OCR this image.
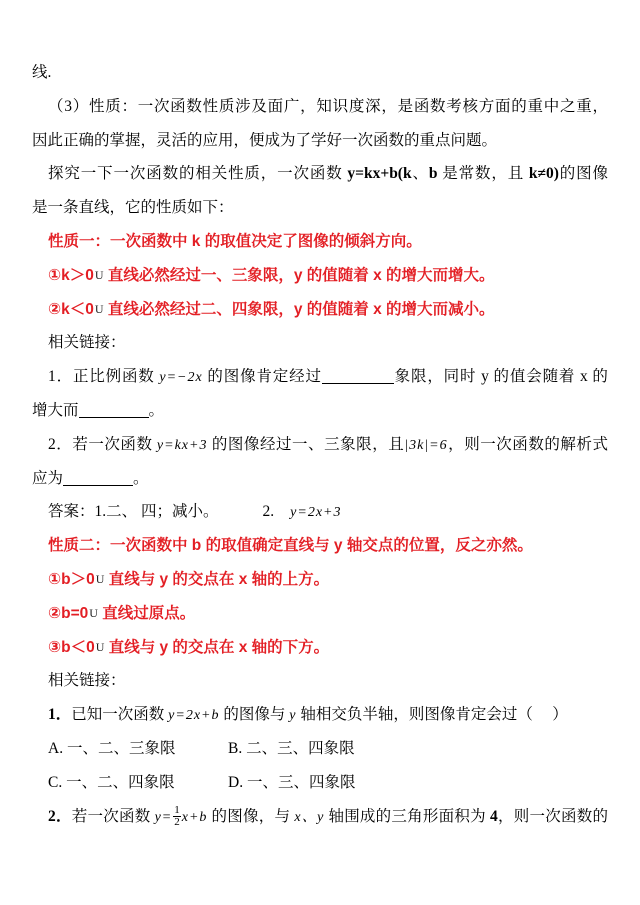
线.
（3）性质：一次函数性质涉及面广，知识度深，是函数考核方面的重中之重，
因此正确的掌握，灵活的应用，便成为了学好一次函数的重点问题。
探究一下一次函数的相关性质，一次函数 y=kx+b(k、b 是常数，且 k≠0)的图像
是一条直线，它的性质如下：
性质一：一次函数中 k 的取值决定了图像的倾斜方向。
①k＞0U 直线必然经过一、三象限，y 的值随着 x 的增大而增大。
②k＜0U 直线必然经过二、四象限，y 的值随着 x 的增大而减小。
相关链接：
1．正比例函数 y=−2x 的图像肯定经过	象限，同时 y 的值会随着 x 的
增大而	。
2．若一次函数 y=kx+3 的图像经过一、三象限，且|3k|=6，则一次函数的解析式
应为	。
答案：1.二、 四；减小。	2. y=2x+3
性质二：一次函数中 b 的取值确定直线与 y 轴交点的位置，反之亦然。
①b＞0U 直线与 y 的交点在 x 轴的上方。
②b=0U 直线过原点。
③b＜0U 直线与 y 的交点在 x 轴的下方。
相关链接：
1．已知一次函数 y=2x+b 的图像与 y 轴相交负半轴，则图像肯定会过（     ）
A. 一、二、三象限	B. 二、三、四象限
C. 一、二、四象限	D. 一、三、四象限
2．若一次函数 $y= \frac{1}{2} x+b$ 的图像，与 x、y 轴围成的三角形面积为 4，则一次函数的
